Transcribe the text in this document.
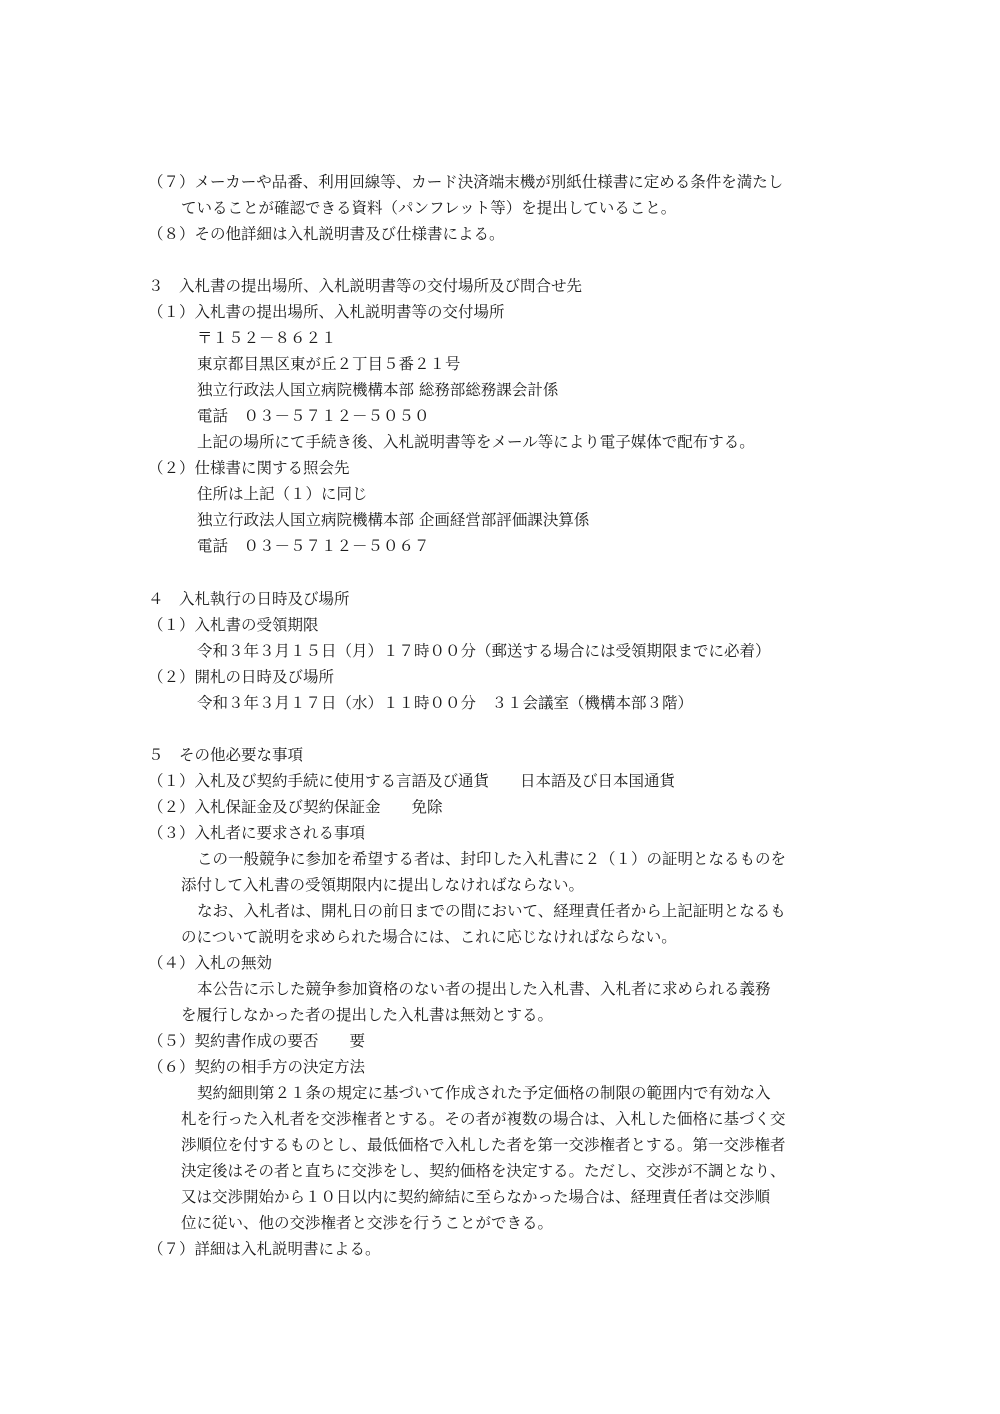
（７）メーカーや品番、利用回線等、カード決済端末機が別紙仕様書に定める条件を満たし
ていることが確認できる資料（パンフレット等）を提出していること。
（８）その他詳細は入札説明書及び仕様書による。
３　入札書の提出場所、入札説明書等の交付場所及び問合せ先
（１）入札書の提出場所、入札説明書等の交付場所
〒１５２－８６２１
東京都目黒区東が丘２丁目５番２１号
独立行政法人国立病院機構本部 総務部総務課会計係
電話　０３－５７１２－５０５０
上記の場所にて手続き後、入札説明書等をメール等により電子媒体で配布する。
（２）仕様書に関する照会先
住所は上記（１）に同じ
独立行政法人国立病院機構本部 企画経営部評価課決算係
電話　０３－５７１２－５０６７
４　入札執行の日時及び場所
（１）入札書の受領期限
令和３年３月１５日（月）１７時００分（郵送する場合には受領期限までに必着）
（２）開札の日時及び場所
令和３年３月１７日（水）１１時００分　３１会議室（機構本部３階）
５　その他必要な事項
（１）入札及び契約手続に使用する言語及び通貨　　日本語及び日本国通貨
（２）入札保証金及び契約保証金　　免除
（３）入札者に要求される事項
この一般競争に参加を希望する者は、封印した入札書に２（１）の証明となるものを
添付して入札書の受領期限内に提出しなければならない。
なお、入札者は、開札日の前日までの間において、経理責任者から上記証明となるも
のについて説明を求められた場合には、これに応じなければならない。
（４）入札の無効
本公告に示した競争参加資格のない者の提出した入札書、入札者に求められる義務
を履行しなかった者の提出した入札書は無効とする。
（５）契約書作成の要否　　要
（６）契約の相手方の決定方法
契約細則第２１条の規定に基づいて作成された予定価格の制限の範囲内で有効な入
札を行った入札者を交渉権者とする。その者が複数の場合は、入札した価格に基づく交
渉順位を付するものとし、最低価格で入札した者を第一交渉権者とする。第一交渉権者
決定後はその者と直ちに交渉をし、契約価格を決定する。ただし、交渉が不調となり、
又は交渉開始から１０日以内に契約締結に至らなかった場合は、経理責任者は交渉順
位に従い、他の交渉権者と交渉を行うことができる。
（７）詳細は入札説明書による。
